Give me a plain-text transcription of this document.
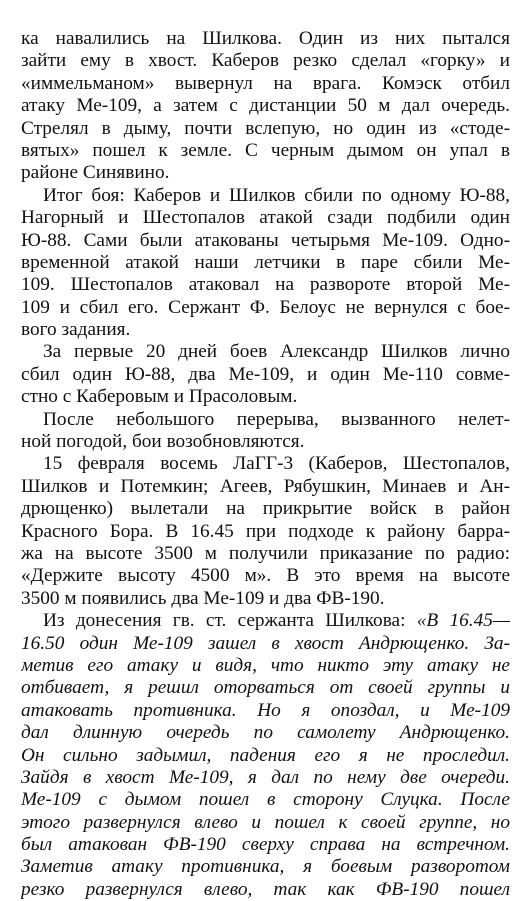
ка навалились на Шилкова. Один из них пытался
зайти ему в хвост. Каберов резко сделал «горку» и
«иммельманом» вывернул на врага. Комэск отбил
атаку Ме-109, а затем с дистанции 50 м дал очередь.
Стрелял в дыму, почти вслепую, но один из «стоде-
вятых» пошел к земле. С черным дымом он упал в
районе Синявино.
Итог боя: Каберов и Шилков сбили по одному Ю-88,
Нагорный и Шестопалов атакой сзади подбили один
Ю-88. Сами были атакованы четырьмя Ме-109. Одно-
временной атакой наши летчики в паре сбили Ме-
109. Шестопалов атаковал на развороте второй Ме-
109 и сбил его. Сержант Ф. Белоус не вернулся с боe-
вого задания.
За первые 20 дней боев Александр Шилков лично
сбил один Ю-88, два Ме-109, и один Ме-110 совме-
стно с Каберовым и Прасоловым.
После небольшого перерыва, вызванного нелет-
ной погодой, бои возобновляются.
15 февраля восемь ЛаГГ-3 (Каберов, Шестопалов,
Шилков и Потемкин; Агеев, Рябушкин, Минаев и Ан-
дрющенко) вылетали на прикрытие войск в район
Красного Бора. В 16.45 при подходе к району барра-
жа на высоте 3500 м получили приказание по радио:
«Держите высоту 4500 м». В это время на высоте
3500 м появились два Ме-109 и два ФВ-190.
Из донесения гв. ст. сержанта Шилкова: «В 16.45—
16.50 один Ме-109 зашел в хвост Андрющенко. За-
метив его атаку и видя, что никто эту атаку не
отбивает, я решил оторваться от своей группы и
атаковать противника. Но я опоздал, и Ме-109
дал длинную очередь по самолету Андрющенко.
Он сильно задымил, падения его я не проследил.
Зайдя в хвост Ме-109, я дал по нему две очереди.
Ме-109 с дымом пошел в сторону Слуцка. После
этого развернулся влево и пошел к своей группе, но
был атакован ФВ-190 сверху справа на встречном.
Заметив атаку противника, я боевым разворотом
резко развернулся влево, так как ФВ-190 пошел
